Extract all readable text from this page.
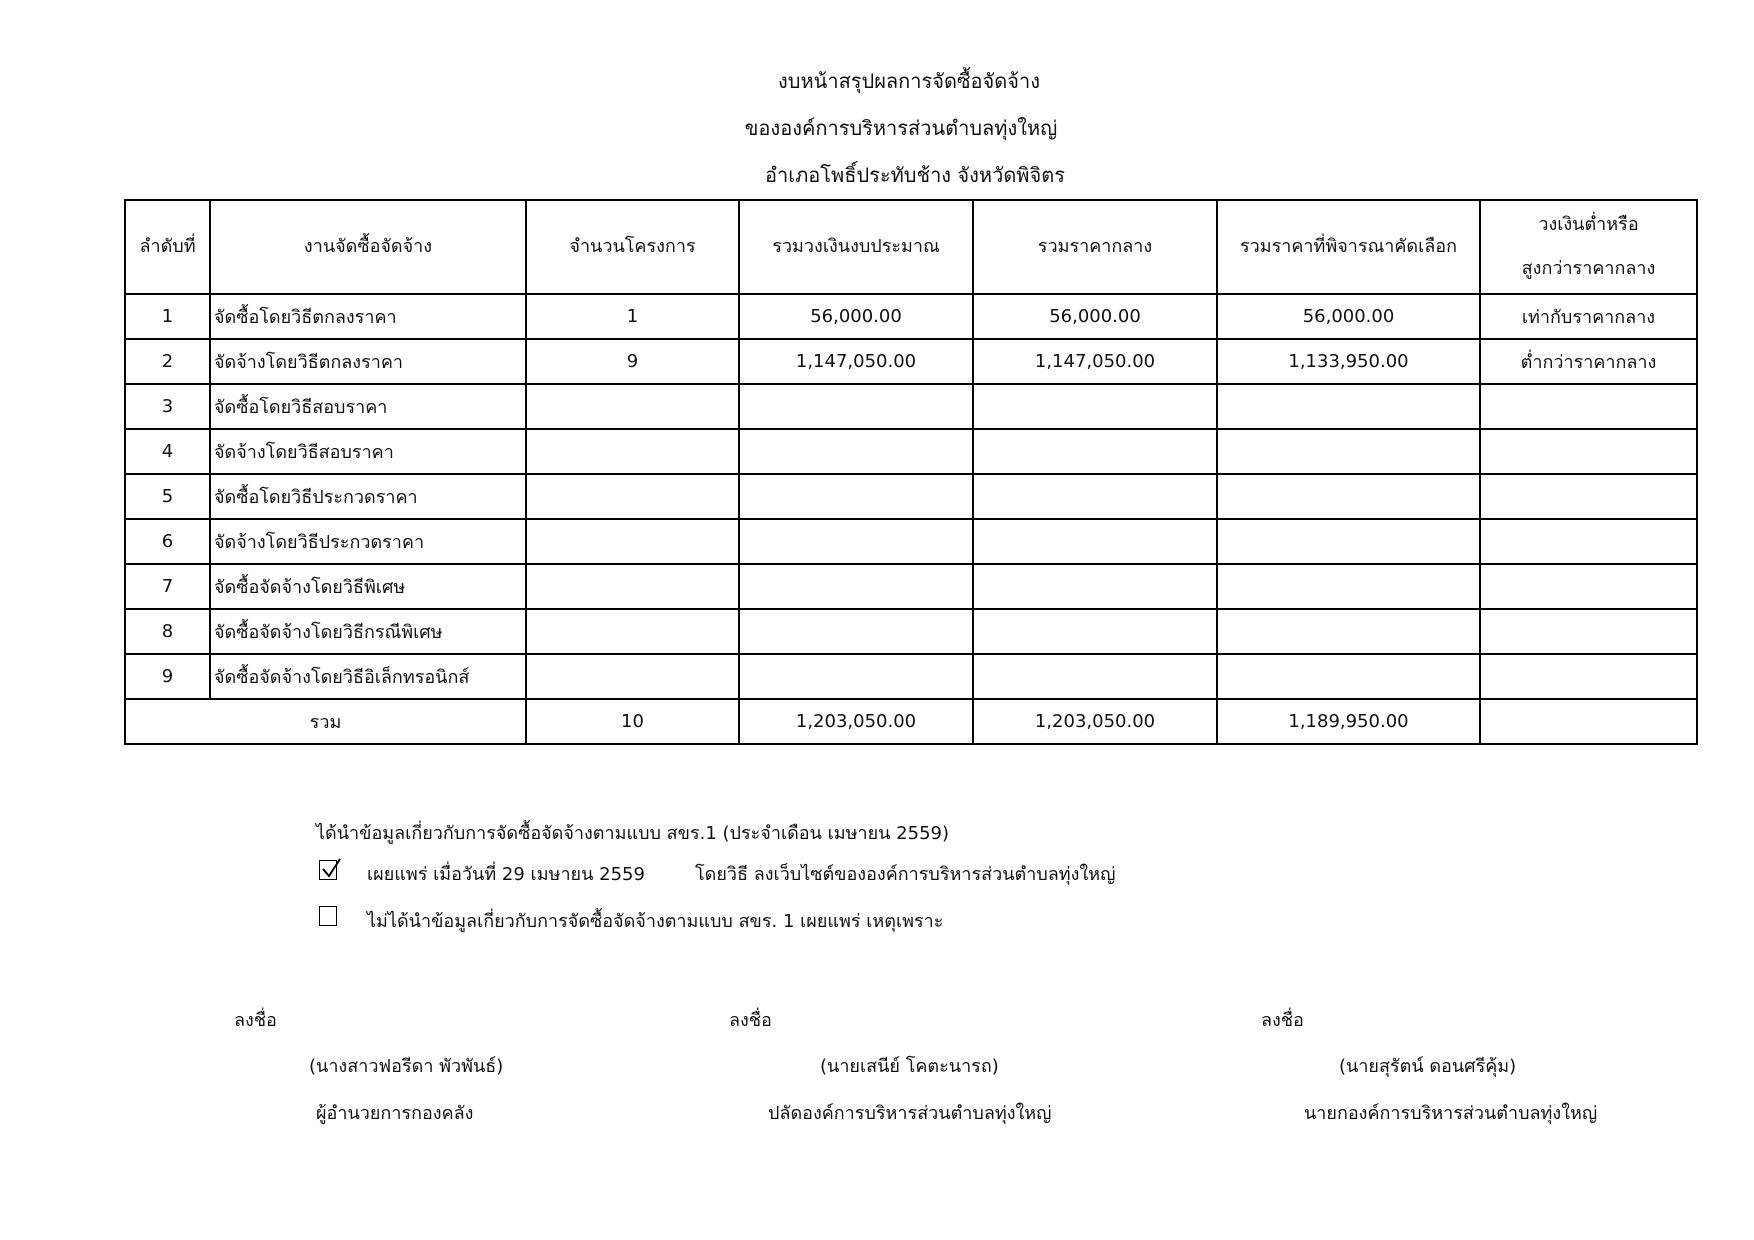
งบหน้าสรุปผลการจัดซื้อจัดจ้าง
ขององค์การบริหารส่วนตำบลทุ่งใหญ่
อำเภอโพธิ์ประทับช้าง จังหวัดพิจิตร
ลำดับที่	งานจัดซื้อจัดจ้าง	จำนวนโครงการ	รวมวงเงินงบประมาณ	รวมราคากลาง	รวมราคาที่พิจารณาคัดเลือก	วงเงินต่ำหรือ
สูงกว่าราคากลาง

1	จัดซื้อโดยวิธีตกลงราคา	1	56,000.00	56,000.00	56,000.00	เท่ากับราคากลาง
2	จัดจ้างโดยวิธีตกลงราคา	9	1,147,050.00	1,147,050.00	1,133,950.00	ต่ำกว่าราคากลาง
3	จัดซื้อโดยวิธีสอบราคา					
4	จัดจ้างโดยวิธีสอบราคา					
5	จัดซื้อโดยวิธีประกวดราคา					
6	จัดจ้างโดยวิธีประกวดราคา					
7	จัดซื้อจัดจ้างโดยวิธีพิเศษ					
8	จัดซื้อจัดจ้างโดยวิธีกรณีพิเศษ					
9	จัดซื้อจัดจ้างโดยวิธีอิเล็กทรอนิกส์					
รวม		10	1,203,050.00	1,203,050.00	1,189,950.00	
ได้นำข้อมูลเกี่ยวกับการจัดซื้อจัดจ้างตามแบบ สขร.1 (ประจำเดือน เมษายน 2559)
เผยแพร่ เมื่อวันที่ 29 เมษายน 2559	โดยวิธี ลงเว็บไซต์ขององค์การบริหารส่วนตำบลทุ่งใหญ่
ไม่ได้นำข้อมูลเกี่ยวกับการจัดซื้อจัดจ้างตามแบบ สขร. 1 เผยแพร่ เหตุเพราะ
ลงชื่อ
(นางสาวฟอรีดา พัวพันธ์)
ผู้อำนวยการกองคลัง
ลงชื่อ
(นายเสนีย์ โคตะนารถ)
ปลัดองค์การบริหารส่วนตำบลทุ่งใหญ่
ลงชื่อ
(นายสุรัตน์ ดอนศรีคุ้ม)
นายกองค์การบริหารส่วนตำบลทุ่งใหญ่
